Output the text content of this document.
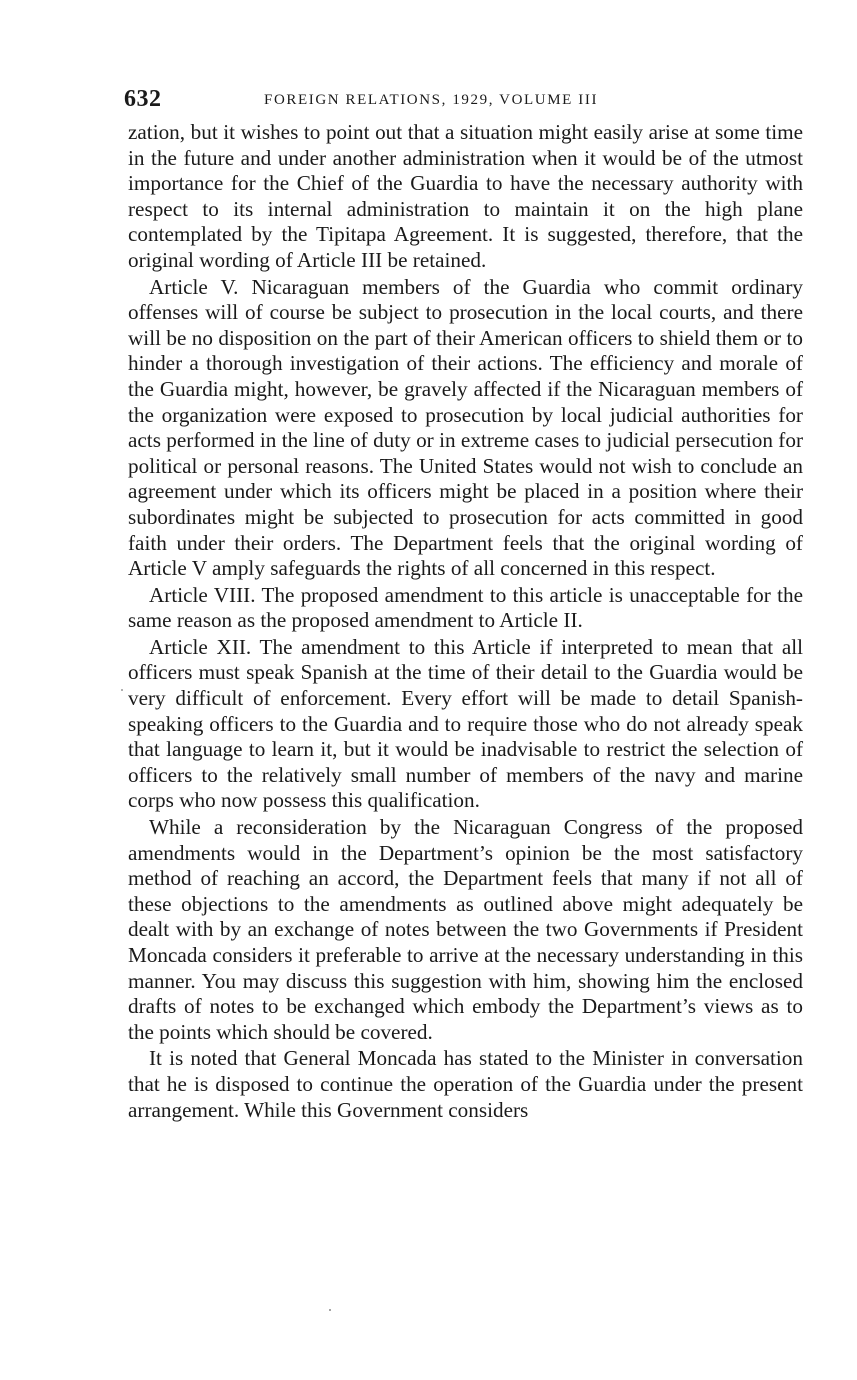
632	FOREIGN RELATIONS, 1929, VOLUME III

zation, but it wishes to point out that a situation might easily arise at some time in the future and under another administration when it would be of the utmost importance for the Chief of the Guardia to have the necessary authority with respect to its internal administration to maintain it on the high plane contemplated by the Tipitapa Agreement. It is suggested, therefore, that the original wording of Article III be retained.

Article V. Nicaraguan members of the Guardia who commit ordinary offenses will of course be subject to prosecution in the local courts, and there will be no disposition on the part of their American officers to shield them or to hinder a thorough investigation of their actions. The efficiency and morale of the Guardia might, however, be gravely affected if the Nicaraguan members of the organization were exposed to prosecution by local judicial authorities for acts performed in the line of duty or in extreme cases to judicial persecution for political or personal reasons. The United States would not wish to conclude an agreement under which its officers might be placed in a position where their subordinates might be subjected to prosecution for acts committed in good faith under their orders. The Department feels that the original wording of Article V amply safeguards the rights of all concerned in this respect.

Article VIII. The proposed amendment to this article is unacceptable for the same reason as the proposed amendment to Article II.

Article XII. The amendment to this Article if interpreted to mean that all officers must speak Spanish at the time of their detail to the Guardia would be very difficult of enforcement. Every effort will be made to detail Spanish-speaking officers to the Guardia and to require those who do not already speak that language to learn it, but it would be inadvisable to restrict the selection of officers to the relatively small number of members of the navy and marine corps who now possess this qualification.

While a reconsideration by the Nicaraguan Congress of the proposed amendments would in the Department’s opinion be the most satisfactory method of reaching an accord, the Department feels that many if not all of these objections to the amendments as outlined above might adequately be dealt with by an exchange of notes between the two Governments if President Moncada considers it preferable to arrive at the necessary understanding in this manner. You may discuss this suggestion with him, showing him the enclosed drafts of notes to be exchanged which embody the Department’s views as to the points which should be covered.

It is noted that General Moncada has stated to the Minister in conversation that he is disposed to continue the operation of the Guardia under the present arrangement. While this Government considers
